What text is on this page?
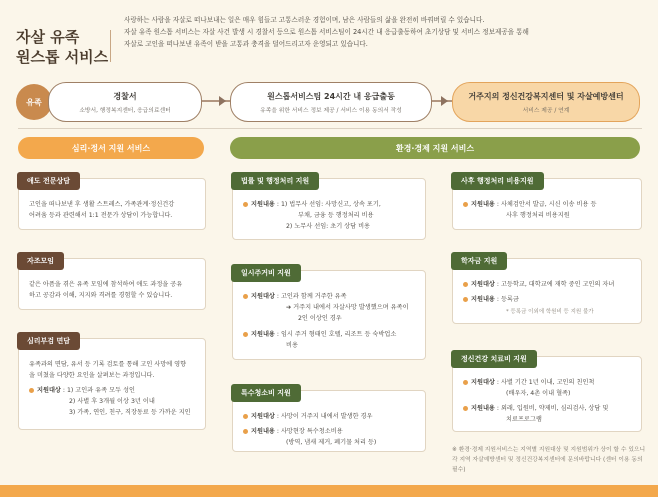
자살 유족
원스톱 서비스
사랑하는 사람을 자살로 떠나보내는 일은 매우 힘들고 고통스러운 경험이며, 남은 사람들의 삶을 완전히 바꿔버릴 수 있습니다.
자살 유족 원스톱 서비스는 자살 사건 발생 시 경찰서 등으로 원스톱 서비스팀이 24시간 내 응급출동하여 초기상담 및 서비스 정보제공을 통해
자살로 고인을 떠나보낸 유족이 받을 고통과 충격을 덜어드리고자 운영되고 있습니다.
유족
경찰서
소방서, 행정복지센터, 응급의료센터
원스톱서비스팀 24시간 내 응급출동
유족을 위한 서비스 정보 제공 / 서비스 이용 동의서 작성
거주지의 정신건강복지센터 및 자살예방센터
서비스 제공 / 연계
심리·정서 지원 서비스	환경·경제 지원 서비스
애도 전문상담
고인을 떠나보낸 후 생활 스트레스, 가족관계·정신건강
어려움 등과 관련해서 1:1 전문가 상담이 가능합니다.
자조모임
같은 아픔을 겪은 유족 모임에 참석하여 애도 과정을 공유
하고 공감과 이해, 지지와 격려를 경험할 수 있습니다.
심리부검 면담
유족과의 면담, 유서 등 기록 검토를 통해 고인 사망에 영향
을 미쳤을 다양한 요인을 살펴보는 과정입니다.
지원대상 : 1) 고인과 유족 모두 성인
2) 사별 후 3개월 이상 3년 이내
3) 가족, 연인, 친구, 직장동료 등 가까운 지인
법률 및 행정처리 지원
지원내용 : 1) 법무사 선임: 사망신고, 상속 포기,
부채, 금융 등 행정처리 비용
2) 노무사 선임: 초기 상담 비용
일시주거비 지원
지원대상 : 고인과 함께 거주한 유족
➔ 거주지 내에서 자살사망 발생했으며 유족이
2인 이상인 경우
지원내용 : 임시 주거 형태인 호텔, 리조트 등 숙박업소
비용
특수청소비 지원
지원대상 : 사망이 거주지 내에서 발생한 경우
지원내용 : 사망현장 특수청소비용
(방역, 냄새 제거, 폐기물 처리 등)
사후 행정처리 비용지원
지원내용 : 사체검안서 발급, 시신 이송 비용 등
사후 행정처리 비용지원
학자금 지원
지원대상 : 고등학교, 대학교에 재학 중인 고인의 자녀
지원내용 : 등록금
* 등록금 이외에 학원비 등 지원 불가
정신건강 치료비 지원
지원대상 : 사별 기간 1년 이내, 고인의 친인척
(배우자, 4촌 이내 혈족)
지원내용 : 외래, 입원비, 약제비, 심리검사, 상담 및
치료프로그램
※ 환경·경제 지원서비스는 지역별 지원대상 및 지원범위가 상이 할 수 있으니 각 지역 자살예방센터 및 정신건강복지센터에 문의바랍니다 (센터 이용 동의 필수)
